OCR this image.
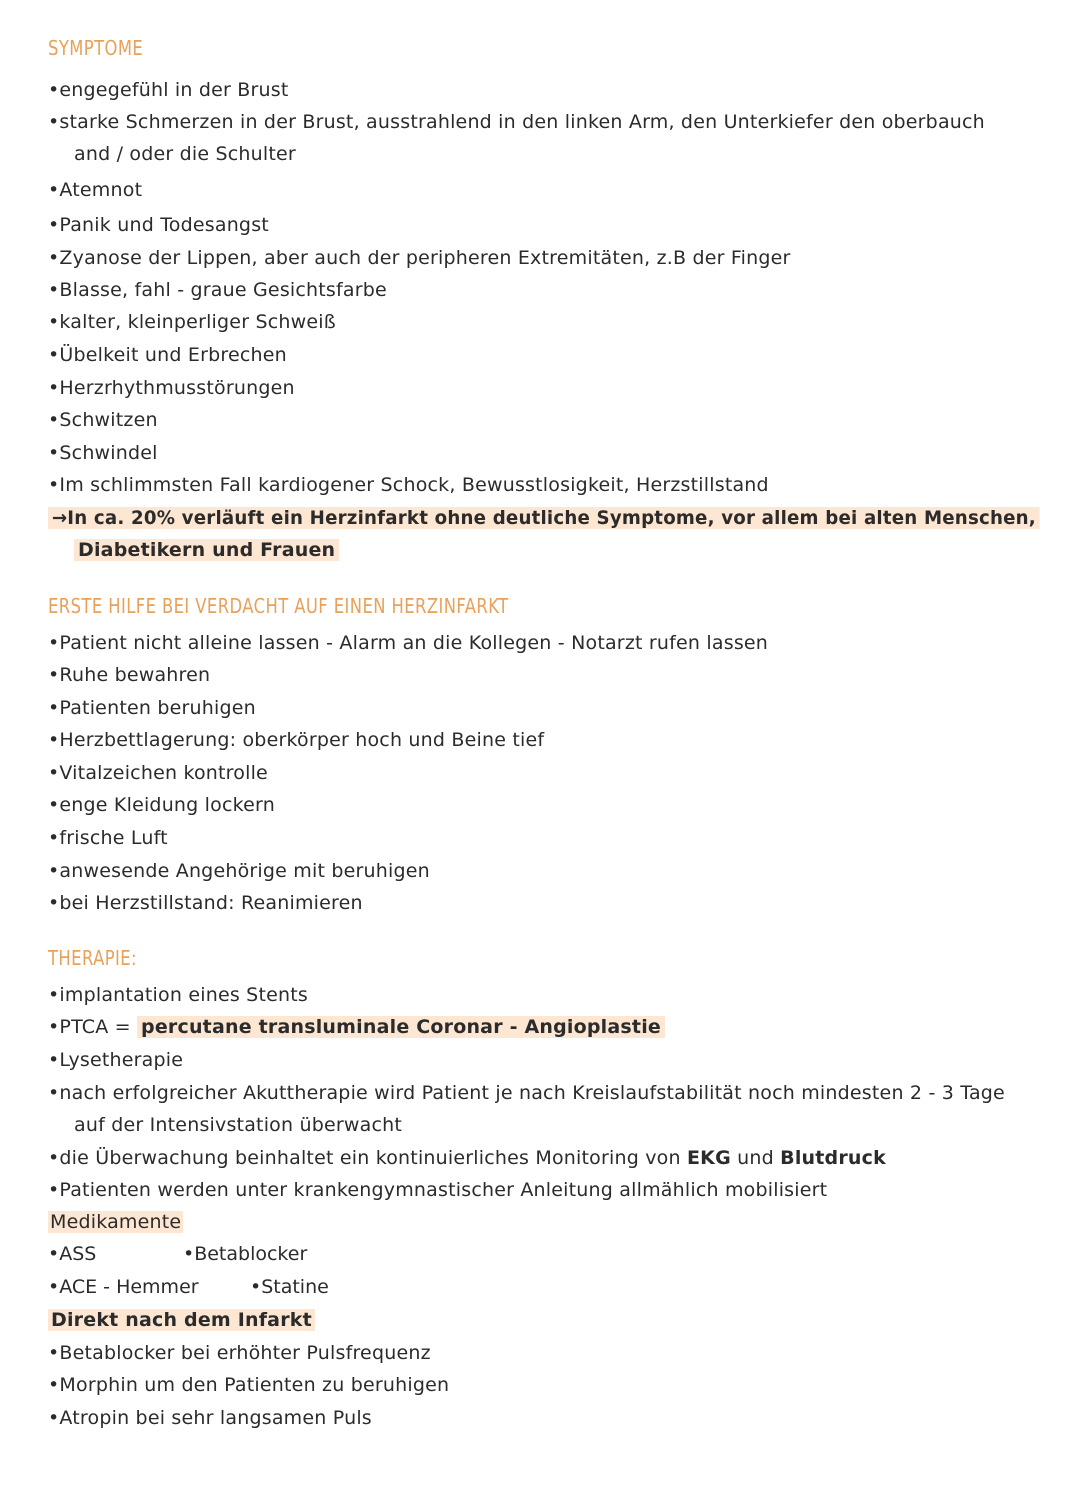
SYMPTOME
•engegefühl in der Brust
•starke Schmerzen in der Brust, ausstrahlend in den linken Arm, den Unterkiefer den oberbauch
and / oder die Schulter
•Atemnot
•Panik und Todesangst
•Zyanose der Lippen, aber auch der peripheren Extremitäten, z.B der Finger
•Blasse, fahl - graue Gesichtsfarbe
•kalter, kleinperliger Schweiß
•Übelkeit und Erbrechen
•Herzrhythmusstörungen
•Schwitzen
•Schwindel
•Im schlimmsten Fall kardiogener Schock, Bewusstlosigkeit, Herzstillstand
→In ca. 20% verläuft ein Herzinfarkt ohne deutliche Symptome, vor allem bei alten Menschen,
Diabetikern und Frauen
ERSTE HILFE BEI VERDACHT AUF EINEN HERZINFARKT
•Patient nicht alleine lassen - Alarm an die Kollegen - Notarzt rufen lassen
•Ruhe bewahren
•Patienten beruhigen
•Herzbettlagerung: oberkörper hoch und Beine tief
•Vitalzeichen kontrolle
•enge Kleidung lockern
•frische Luft
•anwesende Angehörige mit beruhigen
•bei Herzstillstand: Reanimieren
THERAPIE:
•implantation eines Stents
•PTCA = percutane transluminale Coronar - Angioplastie
•Lysetherapie
•nach erfolgreicher Akuttherapie wird Patient je nach Kreislaufstabilität noch mindesten 2 - 3 Tage
auf der Intensivstation überwacht
•die Überwachung beinhaltet ein kontinuierliches Monitoring von EKG und Blutdruck
•Patienten werden unter krankengymnastischer Anleitung allmählich mobilisiert
Medikamente
•ASS	•Betablocker
•ACE - Hemmer	•Statine
Direkt nach dem Infarkt
•Betablocker bei erhöhter Pulsfrequenz
•Morphin um den Patienten zu beruhigen
•Atropin bei sehr langsamen Puls
